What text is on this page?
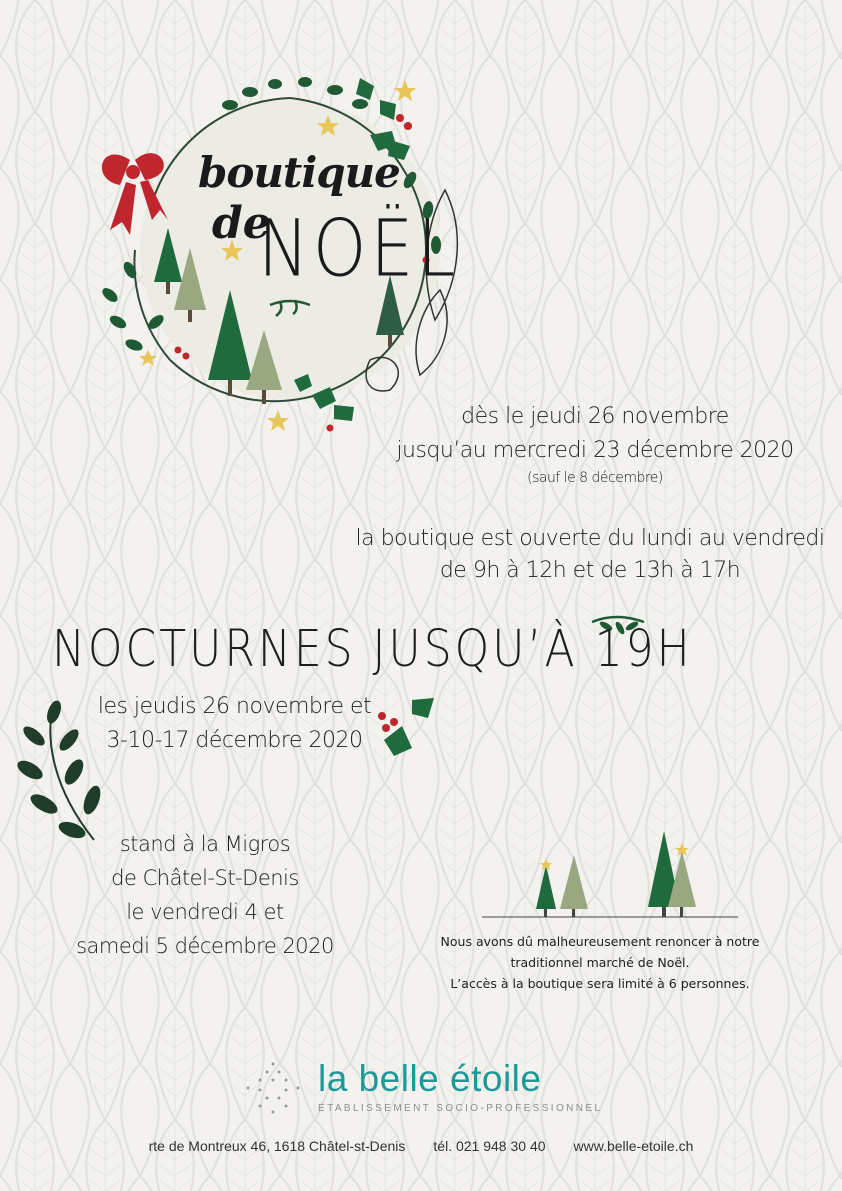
boutique
de
NOËL
dès le jeudi 26 novembre
jusqu’au mercredi 23 décembre 2020
(sauf le 8 décembre)
la boutique est ouverte du lundi au vendredi
de 9h à 12h et de 13h à 17h
NOCTURNES JUSQU’À 19H
les jeudis 26 novembre et
3-10-17 décembre 2020
stand à la Migros
de Châtel-St-Denis
le vendredi 4 et
samedi 5 décembre 2020	Nous avons dû malheureusement renoncer à notre
traditionnel marché de Noël.
L’accès à la boutique sera limité à 6 personnes.
la belle étoile
ÉTABLISSEMENT SOCIO-PROFESSIONNEL
rte de Montreux 46, 1618 Châtel-st-Denis tél. 021 948 30 40 www.belle-etoile.ch
